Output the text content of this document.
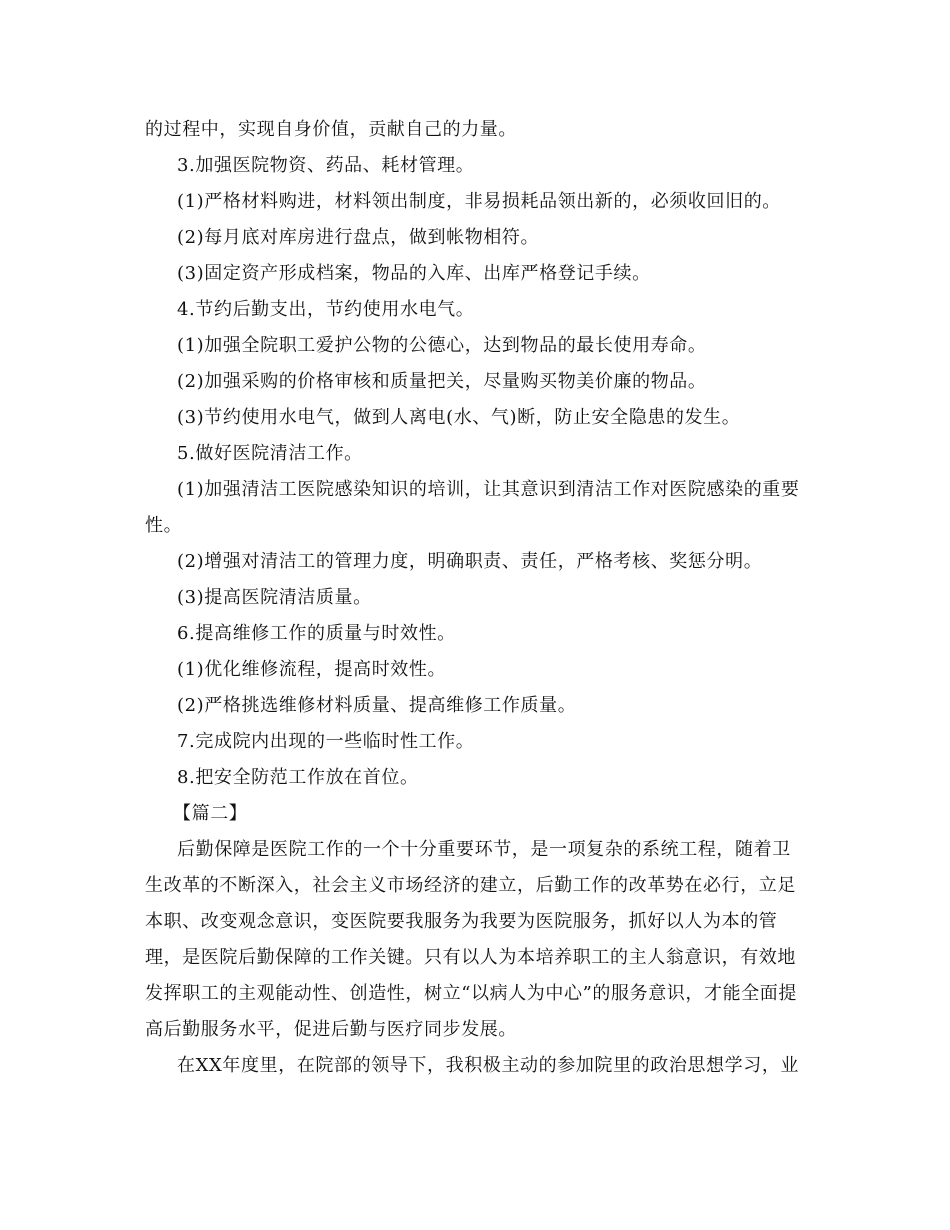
的过程中，实现自身价值，贡献自己的力量。
3.加强医院物资、药品、耗材管理。
(1)严格材料购进，材料领出制度，非易损耗品领出新的，必须收回旧的。
(2)每月底对库房进行盘点，做到帐物相符。
(3)固定资产形成档案，物品的入库、出库严格登记手续。
4.节约后勤支出，节约使用水电气。
(1)加强全院职工爱护公物的公德心，达到物品的最长使用寿命。
(2)加强采购的价格审核和质量把关，尽量购买物美价廉的物品。
(3)节约使用水电气，做到人离电(水、气)断，防止安全隐患的发生。
5.做好医院清洁工作。
(1)加强清洁工医院感染知识的培训，让其意识到清洁工作对医院感染的重要
性。
(2)增强对清洁工的管理力度，明确职责、责任，严格考核、奖惩分明。
(3)提高医院清洁质量。
6.提高维修工作的质量与时效性。
(1)优化维修流程，提高时效性。
(2)严格挑选维修材料质量、提高维修工作质量。
7.完成院内出现的一些临时性工作。
8.把安全防范工作放在首位。
【篇二】
后勤保障是医院工作的一个十分重要环节，是一项复杂的系统工程，随着卫
生改革的不断深入，社会主义市场经济的建立，后勤工作的改革势在必行，立足
本职、改变观念意识，变医院要我服务为我要为医院服务，抓好以人为本的管
理，是医院后勤保障的工作关键。只有以人为本培养职工的主人翁意识，有效地
发挥职工的主观能动性、创造性，树立“以病人为中心”的服务意识，才能全面提
高后勤服务水平，促进后勤与医疗同步发展。
在XX年度里，在院部的领导下，我积极主动的参加院里的政治思想学习，业
